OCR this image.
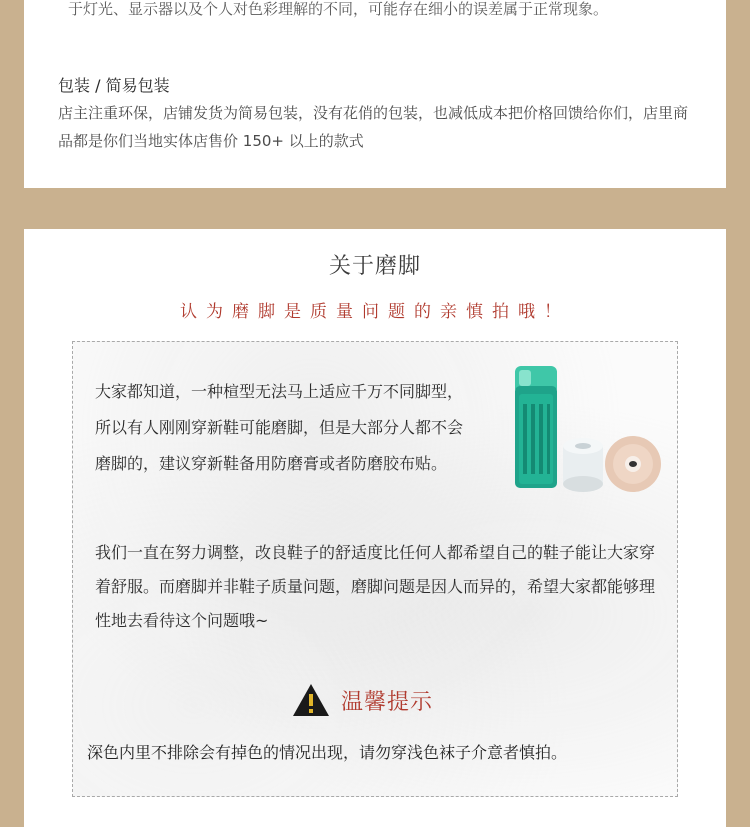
于灯光、显示器以及个人对色彩理解的不同，可能存在细小的误差属于正常现象。
包装 / 简易包装
店主注重环保，店铺发货为简易包装，没有花俏的包装，也减低成本把价格回馈给你们，店里商品都是你们当地实体店售价 150+ 以上的款式
关于磨脚
认为磨脚是质量问题的亲慎拍哦！
大家都知道，一种楦型无法马上适应千万不同脚型，所以有人刚刚穿新鞋可能磨脚，但是大部分人都不会磨脚的，建议穿新鞋备用防磨膏或者防磨胶布贴。
我们一直在努力调整，改良鞋子的舒适度比任何人都希望自己的鞋子能让大家穿着舒服。而磨脚并非鞋子质量问题，磨脚问题是因人而异的，希望大家都能够理性地去看待这个问题哦~
温馨提示
深色内里不排除会有掉色的情况出现，请勿穿浅色袜子介意者慎拍。
